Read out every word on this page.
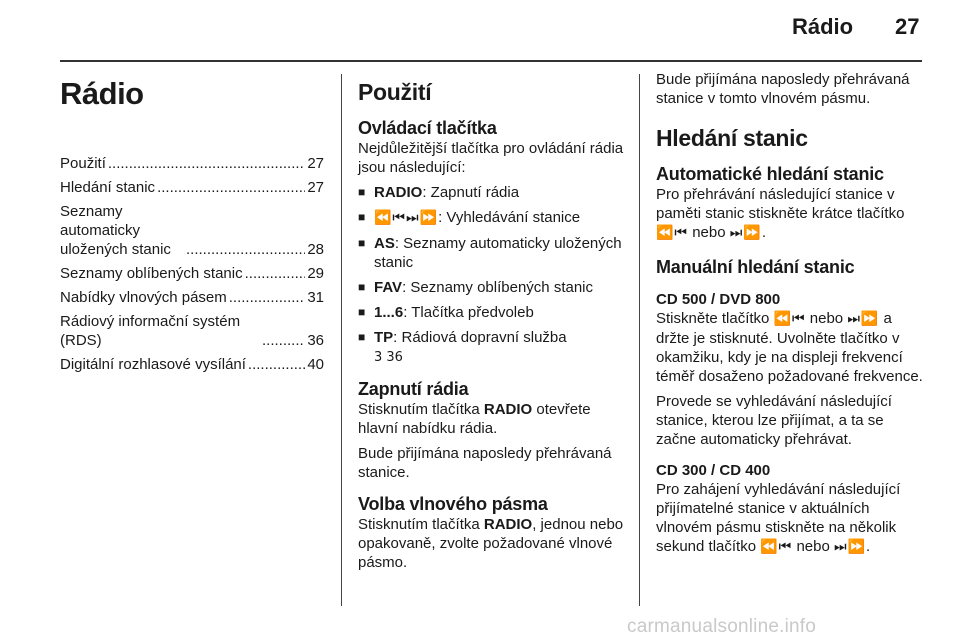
Rádio 27
Rádio
Použití .....	27
Hledání stanic .....	27
Seznamy automaticky uložených stanic .....	28
Seznamy oblíbených stanic .....	29
Nabídky vlnových pásem .....	31
Rádiový informační systém (RDS) .....	36
Digitální rozhlasové vysílání .....	40
Použití
Ovládací tlačítka

Nejdůležitější tlačítka pro ovládání rádia jsou následující:

■ RADIO: Zapnutí rádia
■ ⏪⏮⏭⏩: Vyhledávání stanice
■ AS: Seznamy automaticky uložených stanic
■ FAV: Seznamy oblíbených stanic
■ 1...6: Tlačítka předvoleb
■ TP: Rádiová dopravní služba
3 36
Zapnutí rádia

Stisknutím tlačítka RADIO otevřete hlavní nabídku rádia.

Bude přijímána naposledy přehrávaná stanice.

Volba vlnového pásma

Stisknutím tlačítka RADIO, jednou nebo opakovaně, zvolte požadované vlnové pásmo.

Bude přijímána naposledy přehrávaná stanice v tomto vlnovém pásmu.

Hledání stanic
Automatické hledání stanic

Pro přehrávání následující stanice v paměti stanic stiskněte krátce tlačítko ⏪⏮ nebo ⏭⏩.

Manuální hledání stanic
CD 500 / DVD 800

Stiskněte tlačítko ⏪⏮ nebo ⏭⏩ a držte je stisknuté. Uvolněte tlačítko v okamžiku, kdy je na displeji frekvencí téměř dosaženo požadované frekvence.

Provede se vyhledávání následující stanice, kterou lze přijímat, a ta se začne automaticky přehrávat.

CD 300 / CD 400

Pro zahájení vyhledávání následující přijímatelné stanice v aktuálních vlnovém pásmu stiskněte na několik sekund tlačítko ⏪⏮ nebo ⏭⏩.

carmanualsonline.info
